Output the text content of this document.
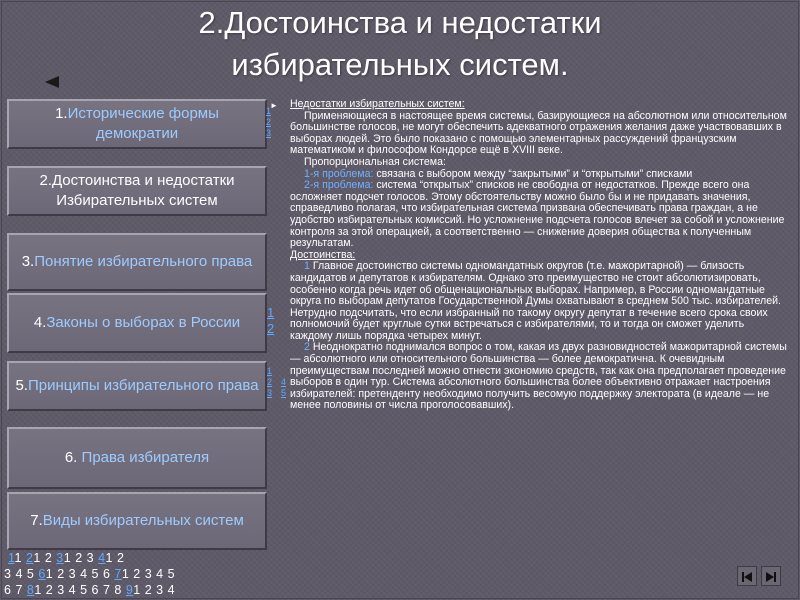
2.Достоинства и недостатки избирательных систем.
1.Исторические формы демократии
2.Достоинства и недостатки Избирательных систем
3.Понятие избирательного права
4.Законы о выборах в России
5.Принципы избирательного права
6. Права избирателя
7.Виды избирательных систем
1
2
3
1
2
1
2
3
4
5
11 21 2 31 2 3 41 2
3 4 5 61 2 3 4 5 6 71 2 3 4 5
6 7 81 2 3 4 5 6 7 8 91 2 3 4
► Недостатки избирательных систем:

Применяющиеся в настоящее время системы, базирующиеся на абсолютном или относительном большинстве голосов, не могут обеспечить адекватного отражения желания даже участвовавших в выборах людей. Это было показано с помощью элементарных рассуждений французским математиком и философом Кондорсе ещё в XVIII веке.

Пропорциональная система:

1-я проблема: связана с выбором между “закрытыми” и “открытыми” списками

2-я проблема: система “открытых” списков не свободна от недостатков. Прежде всего она осложняет подсчет голосов. Этому обстоятельству можно было бы и не придавать значения, справедливо полагая, что избирательная система призвана обеспечивать права граждан, а не удобство избирательных комиссий. Но усложнение подсчета голосов влечет за собой и усложнение контроля за этой операцией, а соответственно — снижение доверия общества к полученным результатам.

Достоинства:

1 Главное достоинство системы одномандатных округов (т.е. мажоритарной) — близость кандидатов и депутатов к избирателям. Однако это преимущество не стоит абсолютизировать, особенно когда речь идет об общенациональных выборах. Например, в России одномандатные округа по выборам депутатов Государственной Думы охватывают в среднем 500 тыс. избирателей. Нетрудно подсчитать, что если избранный по такому округу депутат в течение всего срока своих полномочий будет круглые сутки встречаться с избирателями, то и тогда он сможет уделить каждому лишь порядка четырех минут.

2 Неоднократно поднимался вопрос о том, какая из двух разновидностей мажоритарной системы — абсолютного или относительного большинства — более демократична. К очевидным преимуществам последней можно отнести экономию средств, так как она предполагает проведение выборов в один тур. Система абсолютного большинства более объективно отражает настроения избирателей: претенденту необходимо получить весомую поддержку электората (в идеале — не менее половины от числа проголосовавших).
